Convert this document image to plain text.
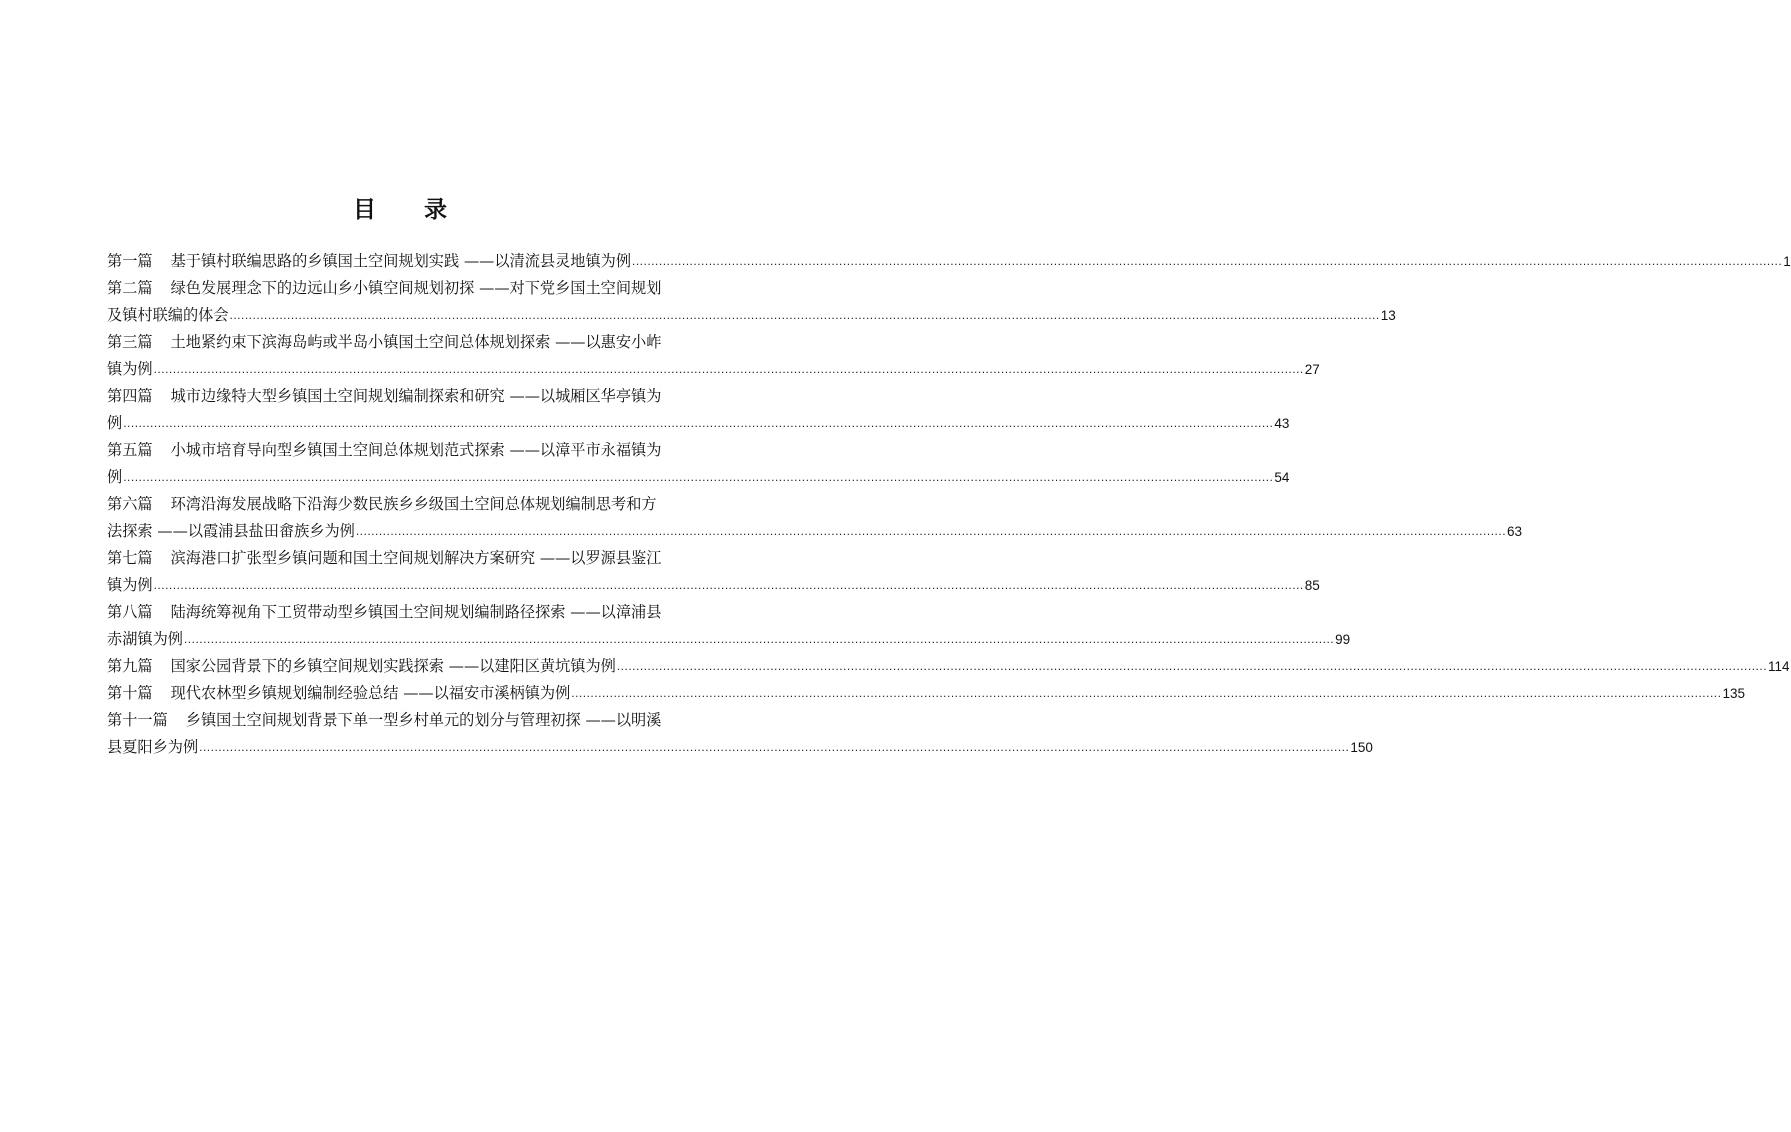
目 录
第一篇 基于镇村联编思路的乡镇国土空间规划实践 ——以清流县灵地镇为例 ............................................................................................................................................................................................................................................................................................................ 1
第二篇 绿色发展理念下的边远山乡小镇空间规划初探 ——对下党乡国土空间规划
及镇村联编的体会 ............................................................................................................................................................................................................................................................................................................ 13
第三篇 土地紧约束下滨海岛屿或半岛小镇国土空间总体规划探索 ——以惠安小岞
镇为例 ............................................................................................................................................................................................................................................................................................................ 27
第四篇 城市边缘特大型乡镇国土空间规划编制探索和研究 ——以城厢区华亭镇为
例 ............................................................................................................................................................................................................................................................................................................ 43
第五篇 小城市培育导向型乡镇国土空间总体规划范式探索 ——以漳平市永福镇为
例 ............................................................................................................................................................................................................................................................................................................ 54
第六篇 环湾沿海发展战略下沿海少数民族乡乡级国土空间总体规划编制思考和方
法探索 ——以霞浦县盐田畲族乡为例 ............................................................................................................................................................................................................................................................................................................ 63
第七篇 滨海港口扩张型乡镇问题和国土空间规划解决方案研究 ——以罗源县鉴江
镇为例 ............................................................................................................................................................................................................................................................................................................ 85
第八篇 陆海统筹视角下工贸带动型乡镇国土空间规划编制路径探索 ——以漳浦县
赤湖镇为例 ............................................................................................................................................................................................................................................................................................................ 99
第九篇 国家公园背景下的乡镇空间规划实践探索 ——以建阳区黄坑镇为例 ............................................................................................................................................................................................................................................................................................................ 114
第十篇 现代农林型乡镇规划编制经验总结 ——以福安市溪柄镇为例 ............................................................................................................................................................................................................................................................................................................ 135
第十一篇 乡镇国土空间规划背景下单一型乡村单元的划分与管理初探 ——以明溪
县夏阳乡为例 ............................................................................................................................................................................................................................................................................................................ 150
